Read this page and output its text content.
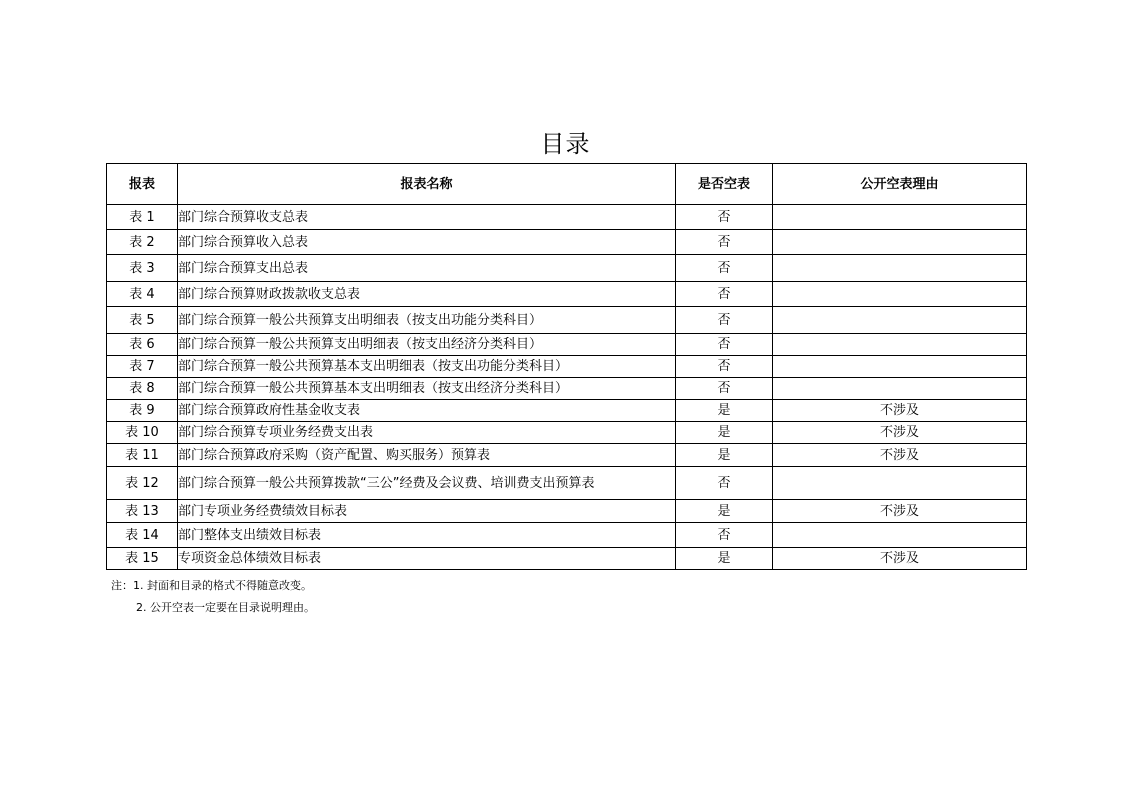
目录
报表	报表名称	是否空表	公开空表理由
表 1	部门综合预算收支总表	否	
表 2	部门综合预算收入总表	否	
表 3	部门综合预算支出总表	否	
表 4	部门综合预算财政拨款收支总表	否	
表 5	部门综合预算一般公共预算支出明细表（按支出功能分类科目）	否	
表 6	部门综合预算一般公共预算支出明细表（按支出经济分类科目）	否	
表 7	部门综合预算一般公共预算基本支出明细表（按支出功能分类科目）	否	
表 8	部门综合预算一般公共预算基本支出明细表（按支出经济分类科目）	否	
表 9	部门综合预算政府性基金收支表	是	不涉及
表 10	部门综合预算专项业务经费支出表	是	不涉及
表 11	部门综合预算政府采购（资产配置、购买服务）预算表	是	不涉及
表 12	部门综合预算一般公共预算拨款“三公”经费及会议费、培训费支出预算表	否	
表 13	部门专项业务经费绩效目标表	是	不涉及
表 14	部门整体支出绩效目标表	否	
表 15	专项资金总体绩效目标表	是	不涉及
注：1. 封面和目录的格式不得随意改变。
2. 公开空表一定要在目录说明理由。
